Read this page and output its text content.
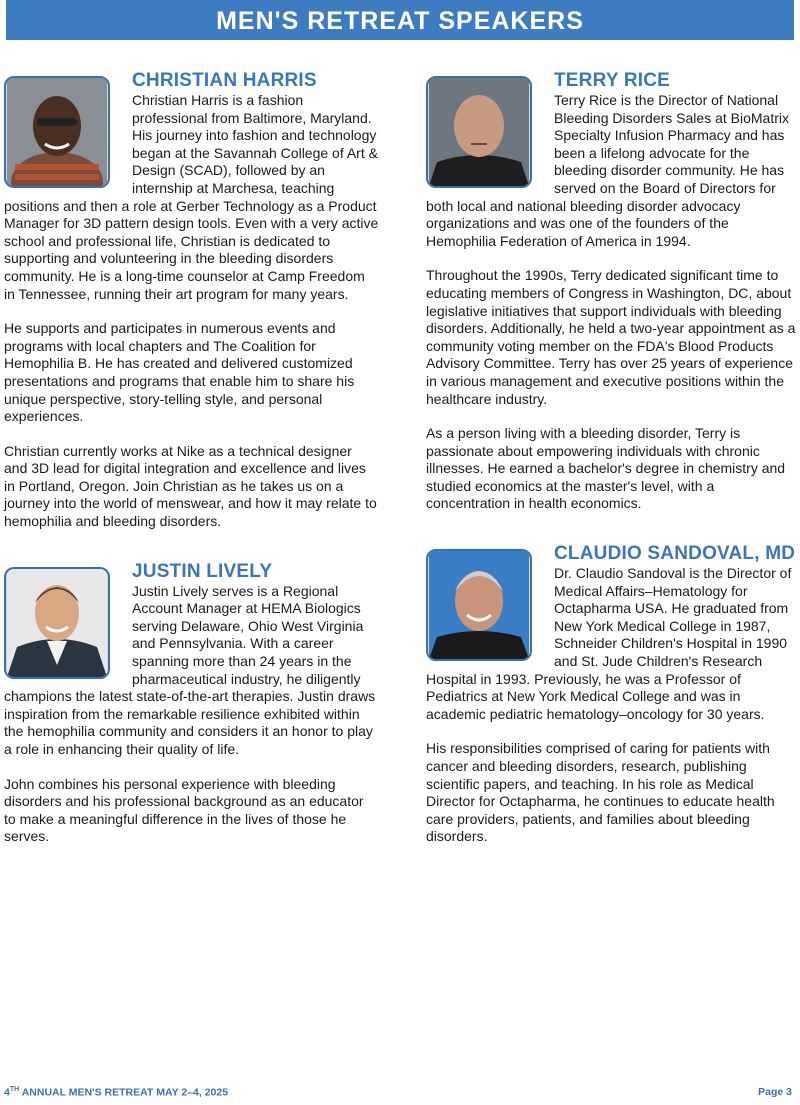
MEN'S RETREAT SPEAKERS
CHRISTIAN HARRIS

Christian Harris is a fashion professional from Baltimore, Maryland. His journey into fashion and technology began at the Savannah College of Art & Design (SCAD), followed by an internship at Marchesa, teaching positions and then a role at Gerber Technology as a Product Manager for 3D pattern design tools. Even with a very active school and professional life, Christian is dedicated to supporting and volunteering in the bleeding disorders community. He is a long-time counselor at Camp Freedom in Tennessee, running their art program for many years.

He supports and participates in numerous events and programs with local chapters and The Coalition for Hemophilia B. He has created and delivered customized presentations and programs that enable him to share his unique perspective, story-telling style, and personal experiences.

Christian currently works at Nike as a technical designer and 3D lead for digital integration and excellence and lives in Portland, Oregon. Join Christian as he takes us on a journey into the world of menswear, and how it may relate to hemophilia and bleeding disorders.

JUSTIN LIVELY

Justin Lively serves is a Regional Account Manager at HEMA Biologics serving Delaware, Ohio West Virginia and Pennsylvania. With a career spanning more than 24 years in the pharmaceutical industry, he diligently champions the latest state-of-the-art therapies. Justin draws inspiration from the remarkable resilience exhibited within the hemophilia community and considers it an honor to play a role in enhancing their quality of life.

John combines his personal experience with bleeding disorders and his professional background as an educator to make a meaningful difference in the lives of those he serves.

TERRY RICE

Terry Rice is the Director of National Bleeding Disorders Sales at BioMatrix Specialty Infusion Pharmacy and has been a lifelong advocate for the bleeding disorder community. He has served on the Board of Directors for both local and national bleeding disorder advocacy organizations and was one of the founders of the Hemophilia Federation of America in 1994.

Throughout the 1990s, Terry dedicated significant time to educating members of Congress in Washington, DC, about legislative initiatives that support individuals with bleeding disorders. Additionally, he held a two-year appointment as a community voting member on the FDA's Blood Products Advisory Committee. Terry has over 25 years of experience in various management and executive positions within the healthcare industry.

As a person living with a bleeding disorder, Terry is passionate about empowering individuals with chronic illnesses. He earned a bachelor's degree in chemistry and studied economics at the master's level, with a concentration in health economics.

CLAUDIO SANDOVAL, MD

Dr. Claudio Sandoval is the Director of Medical Affairs–Hematology for Octapharma USA. He graduated from New York Medical College in 1987, Schneider Children's Hospital in 1990 and St. Jude Children's Research Hospital in 1993. Previously, he was a Professor of Pediatrics at New York Medical College and was in academic pediatric hematology–oncology for 30 years.

His responsibilities comprised of caring for patients with cancer and bleeding disorders, research, publishing scientific papers, and teaching. In his role as Medical Director for Octapharma, he continues to educate health care providers, patients, and families about bleeding disorders.

4TH ANNUAL MEN'S RETREAT MAY 2–4, 2025	Page 3
